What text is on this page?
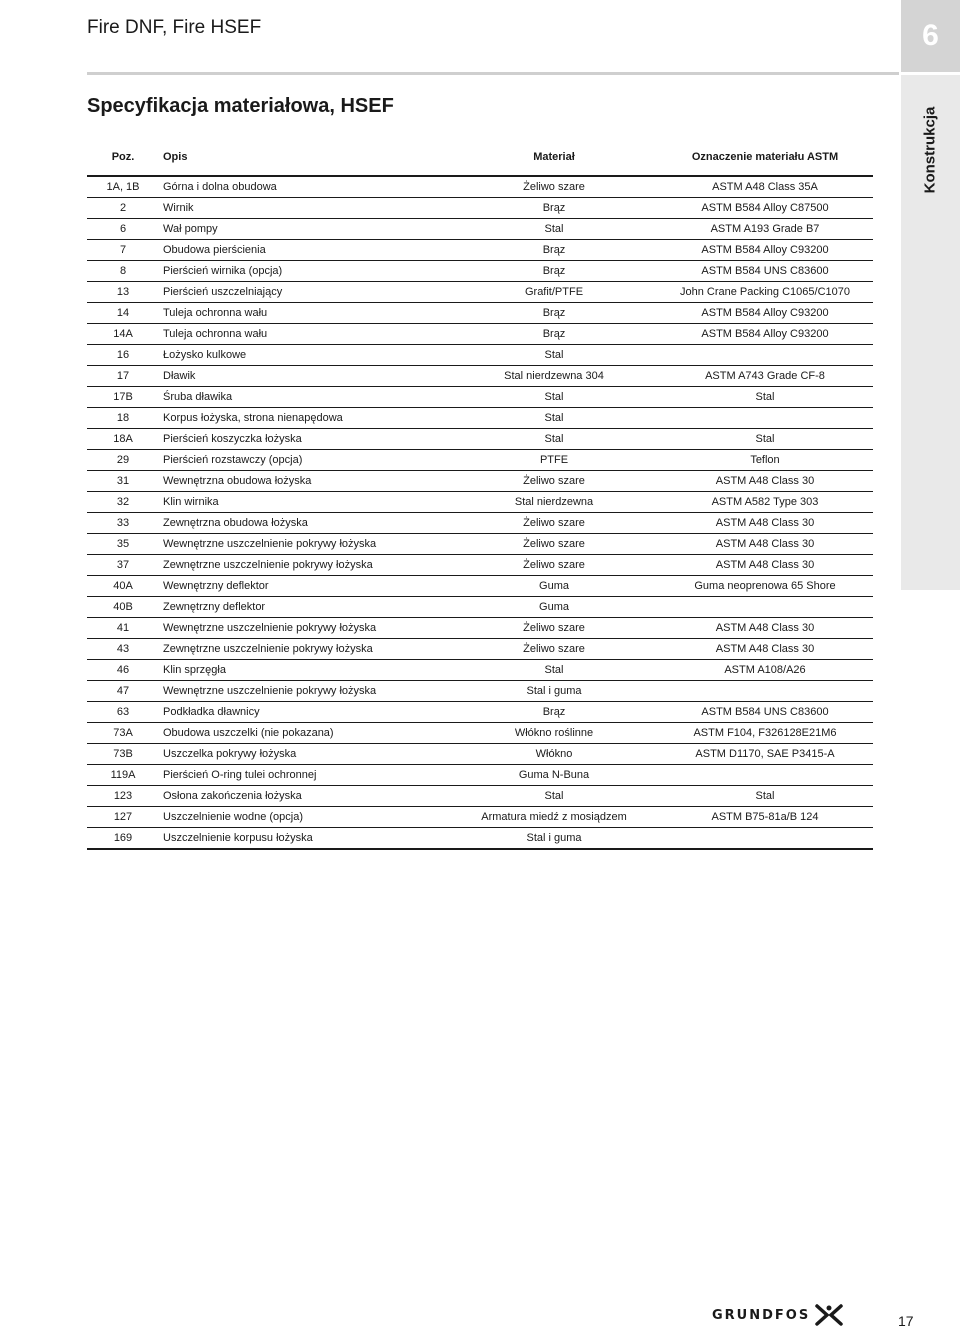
Fire DNF, Fire HSEF	6
Konstrukcja
Specyfikacja materiałowa, HSEF
Poz.	Opis	Materiał	Oznaczenie materiału ASTM
1A, 1B	Górna i dolna obudowa	Żeliwo szare	ASTM A48 Class 35A
2	Wirnik	Brąz	ASTM B584 Alloy C87500
6	Wał pompy	Stal	ASTM A193 Grade B7
7	Obudowa pierścienia	Brąz	ASTM B584 Alloy C93200
8	Pierścień wirnika (opcja)	Brąz	ASTM B584 UNS C83600
13	Pierścień uszczelniający	Grafit/PTFE	John Crane Packing C1065/C1070
14	Tuleja ochronna wału	Brąz	ASTM B584 Alloy C93200
14A	Tuleja ochronna wału	Brąz	ASTM B584 Alloy C93200
16	Łożysko kulkowe	Stal	
17	Dławik	Stal nierdzewna 304	ASTM A743 Grade CF-8
17B	Śruba dławika	Stal	Stal
18	Korpus łożyska, strona nienapędowa	Stal	
18A	Pierścień koszyczka łożyska	Stal	Stal
29	Pierścień rozstawczy (opcja)	PTFE	Teflon
31	Wewnętrzna obudowa łożyska	Żeliwo szare	ASTM A48 Class 30
32	Klin wirnika	Stal nierdzewna	ASTM A582 Type 303
33	Zewnętrzna obudowa łożyska	Żeliwo szare	ASTM A48 Class 30
35	Wewnętrzne uszczelnienie pokrywy łożyska	Żeliwo szare	ASTM A48 Class 30
37	Zewnętrzne uszczelnienie pokrywy łożyska	Żeliwo szare	ASTM A48 Class 30
40A	Wewnętrzny deflektor	Guma	Guma neoprenowa 65 Shore
40B	Zewnętrzny deflektor	Guma	
41	Wewnętrzne uszczelnienie pokrywy łożyska	Żeliwo szare	ASTM A48 Class 30
43	Zewnętrzne uszczelnienie pokrywy łożyska	Żeliwo szare	ASTM A48 Class 30
46	Klin sprzęgła	Stal	ASTM A108/A26
47	Wewnętrzne uszczelnienie pokrywy łożyska	Stal i guma	
63	Podkładka dławnicy	Brąz	ASTM B584 UNS C83600
73A	Obudowa uszczelki (nie pokazana)	Włókno roślinne	ASTM F104, F326128E21M6
73B	Uszczelka pokrywy łożyska	Włókno	ASTM D1170, SAE P3415-A
119A	Pierścień O-ring tulei ochronnej	Guma N-Buna	
123	Osłona zakończenia łożyska	Stal	Stal
127	Uszczelnienie wodne (opcja)	Armatura miedź z mosiądzem	ASTM B75-81a/B 124
169	Uszczelnienie korpusu łożyska	Stal i guma	
GRUNDFOS	17
